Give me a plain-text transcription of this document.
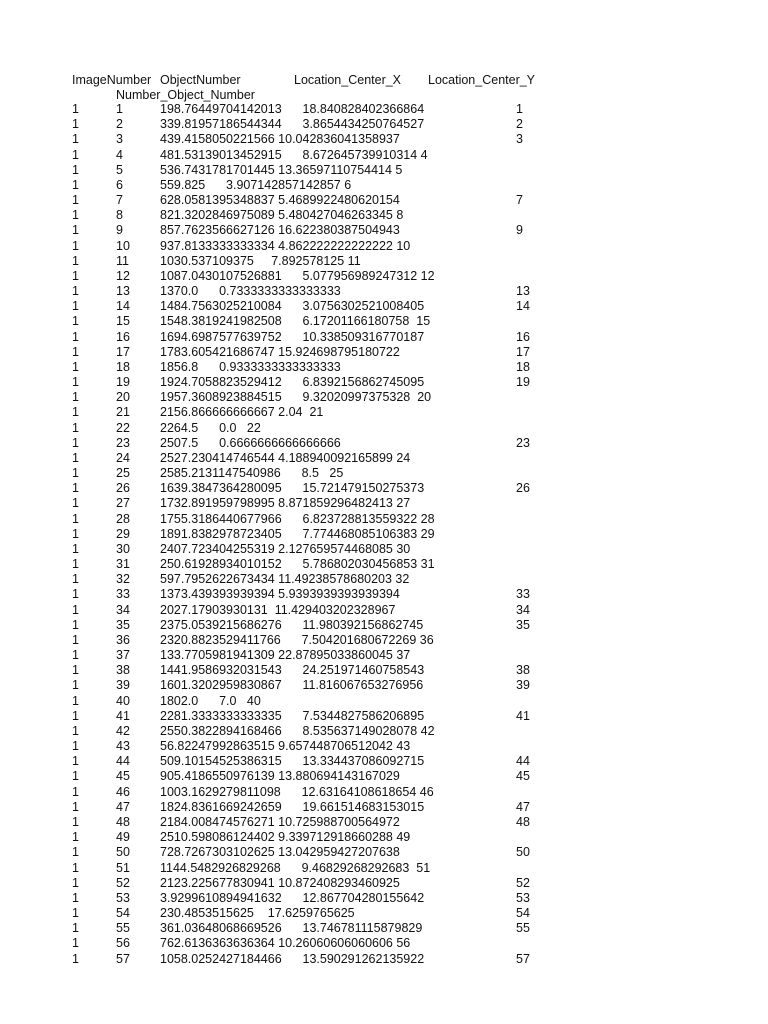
ImageNumber ObjectNumber	Location_Center_X Location_Center_Y
Number_Object_Number
1	1	198.76449704142013      18.840828402366864	1
1	2	339.81957186544344      3.8654434250764527	2
1	3	439.4158050221566 10.042836041358937	3
1	4	481.53139013452915      8.672645739910314 4
1	5	536.7431781701445 13.36597110754414 5
1	6	559.825      3.907142857142857 6
1	7	628.0581395348837 5.4689922480620154	7
1	8	821.3202846975089 5.480427046263345 8
1	9	857.7623566627126 16.622380387504943	9
1	10 937.8133333333334 4.862222222222222 10
1	11 1030.537109375     7.892578125 11
1	12 1087.0430107526881      5.077956989247312 12
1	13 1370.0      0.7333333333333333	13
1	14 1484.7563025210084      3.0756302521008405	14
1	15 1548.3819241982508      6.17201166180758  15
1	16 1694.6987577639752      10.338509316770187	16
1	17 1783.605421686747 15.924698795180722	17
1	18 1856.8      0.9333333333333333	18
1	19 1924.7058823529412      6.8392156862745095	19
1	20 1957.3608923884515      9.32020997375328  20
1	21 2156.866666666667 2.04  21
1	22 2264.5      0.0   22
1	23 2507.5      0.6666666666666666	23
1	24 2527.230414746544 4.188940092165899 24
1	25 2585.2131147540986      8.5   25
1	26 1639.3847364280095      15.721479150275373	26
1	27 1732.891959798995 8.871859296482413 27
1	28 1755.3186440677966      6.823728813559322 28
1	29 1891.8382978723405      7.774468085106383 29
1	30 2407.723404255319 2.127659574468085 30
1	31 250.61928934010152      5.786802030456853 31
1	32 597.7952622673434 11.49238578680203 32
1	33 1373.439393939394 5.9393939393939394	33
1	34 2027.17903930131  11.429403202328967	34
1	35 2375.0539215686276      11.980392156862745	35
1	36 2320.8823529411766      7.504201680672269 36
1	37 133.7705981941309 22.87895033860045 37
1	38 1441.9586932031543      24.251971460758543	38
1	39 1601.3202959830867      11.816067653276956	39
1	40 1802.0      7.0   40
1	41 2281.3333333333335      7.5344827586206895	41
1	42 2550.3822894168466      8.535637149028078 42
1	43 56.82247992863515 9.657448706512042 43
1	44 509.10154525386315      13.334437086092715	44
1	45 905.4186550976139 13.880694143167029	45
1	46 1003.1629279811098      12.63164108618654 46
1	47 1824.8361669242659      19.661514683153015	47
1	48 2184.008474576271 10.725988700564972	48
1	49 2510.598086124402 9.339712918660288 49
1	50 728.7267303102625 13.042959427207638	50
1	51 1144.5482926829268      9.46829268292683  51
1	52 2123.225677830941 10.872408293460925	52
1	53 3.9299610894941632      12.867704280155642	53
1	54 230.4853515625    17.6259765625	54
1	55 361.03648068669526      13.746781115879829	55
1	56 762.6136363636364 10.26060606060606 56
1	57 1058.0252427184466      13.590291262135922	57
